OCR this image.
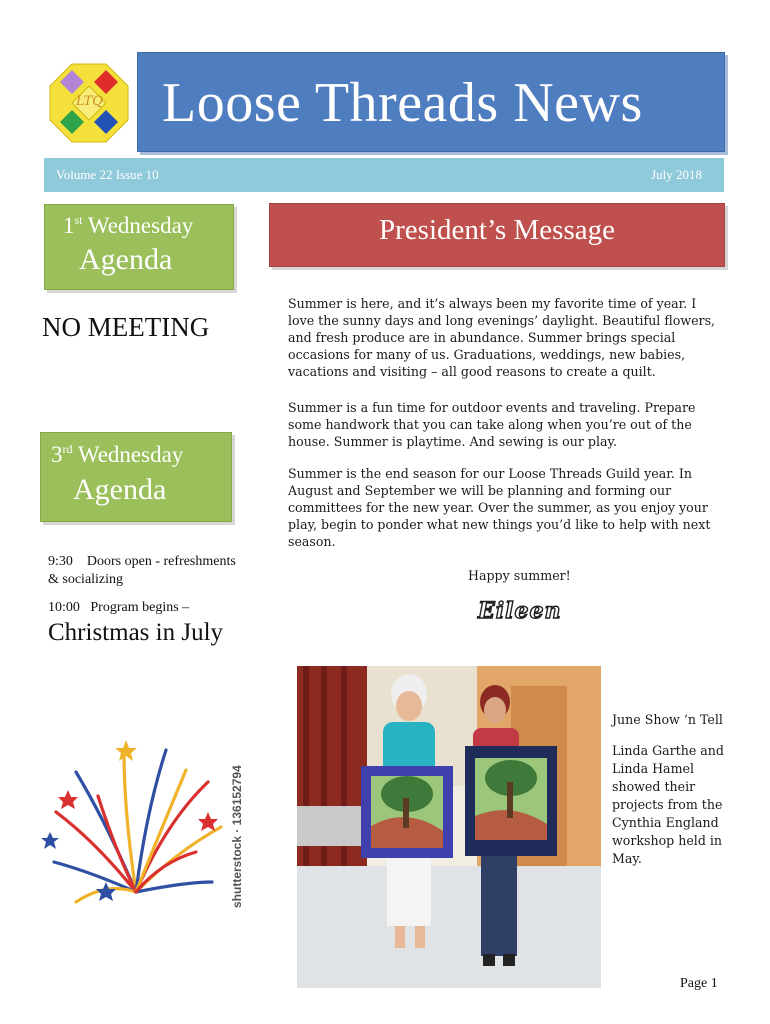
LTQ Loose Threads News
Volume 22 Issue 10	July 2018
1st Wednesday
Agenda
NO MEETING
3rd Wednesday
Agenda
9:30 Doors open - refreshments & socializing
10:00 Program begins –
Christmas in July
shutterstock · 136152794
President’s Message
Summer is here, and it’s always been my favorite time of year. I love the sunny days and long evenings’ daylight. Beautiful flowers, and fresh produce are in abundance. Summer brings special occasions for many of us. Graduations, weddings, new babies, vacations and visiting – all good reasons to create a quilt.
Summer is a fun time for outdoor events and traveling. Prepare some handwork that you can take along when you’re out of the house. Summer is playtime. And sewing is our play.
Summer is the end season for our Loose Threads Guild year. In August and September we will be planning and forming our committees for the new year. Over the summer, as you enjoy your play, begin to ponder what new things you’d like to help with next season.
Happy summer!
Eileen
June Show ‘n Tell
Linda Garthe and Linda Hamel showed their projects from the Cynthia England workshop held in May.
Page 1
